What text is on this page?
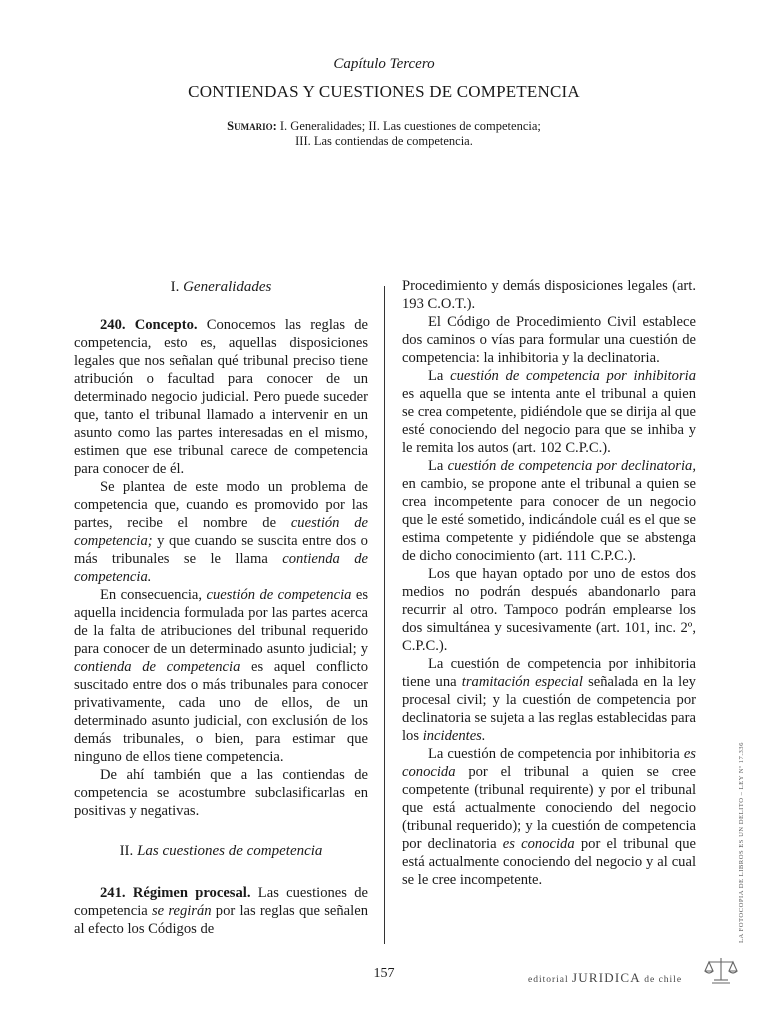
Capítulo Tercero
CONTIENDAS Y CUESTIONES DE COMPETENCIA
Sumario: I. Generalidades; II. Las cuestiones de competencia;
III. Las contiendas de competencia.
I. Generalidades

240. Concepto. Conocemos las reglas de competencia, esto es, aquellas disposiciones legales que nos señalan qué tribunal preciso tiene atribución o facultad para conocer de un determinado negocio judicial. Pero puede suceder que, tanto el tribunal llamado a intervenir en un asunto como las partes interesadas en el mismo, estimen que ese tribunal carece de competencia para conocer de él.

Se plantea de este modo un problema de competencia que, cuando es promovido por las partes, recibe el nombre de cuestión de competencia; y que cuando se suscita entre dos o más tribunales se le llama contienda de competencia.

En consecuencia, cuestión de competencia es aquella incidencia formulada por las partes acerca de la falta de atribuciones del tribunal requerido para conocer de un determinado asunto judicial; y contienda de competencia es aquel conflicto suscitado entre dos o más tribunales para conocer privativamente, cada uno de ellos, de un determinado asunto judicial, con exclusión de los demás tribunales, o bien, para estimar que ninguno de ellos tiene competencia.

De ahí también que a las contiendas de competencia se acostumbre subclasificarlas en positivas y negativas.

II. Las cuestiones de competencia

241. Régimen procesal. Las cuestiones de competencia se regirán por las reglas que señalen al efecto los Códigos de

Procedimiento y demás disposiciones legales (art. 193 C.O.T.).

El Código de Procedimiento Civil establece dos caminos o vías para formular una cuestión de competencia: la inhibitoria y la declinatoria.

La cuestión de competencia por inhibitoria es aquella que se intenta ante el tribunal a quien se crea competente, pidiéndole que se dirija al que esté conociendo del negocio para que se inhiba y le remita los autos (art. 102 C.P.C.).

La cuestión de competencia por declinatoria, en cambio, se propone ante el tribunal a quien se crea incompetente para conocer de un negocio que le esté sometido, indicándole cuál es el que se estima competente y pidiéndole que se abstenga de dicho conocimiento (art. 111 C.P.C.).

Los que hayan optado por uno de estos dos medios no podrán después abandonarlo para recurrir al otro. Tampoco podrán emplearse los dos simultánea y sucesivamente (art. 101, inc. 2º, C.P.C.).

La cuestión de competencia por inhibitoria tiene una tramitación especial señalada en la ley procesal civil; y la cuestión de competencia por declinatoria se sujeta a las reglas establecidas para los incidentes.

La cuestión de competencia por inhibitoria es conocida por el tribunal a quien se cree competente (tribunal requirente) y por el tribunal que está actualmente conociendo del negocio (tribunal requerido); y la cuestión de competencia por declinatoria es conocida por el tribunal que está actualmente conociendo del negocio y al cual se le cree incompetente.

157	editorial JURIDICA de chile
LA FOTOCOPIA DE LIBROS ES UN DELITO – LEY Nº 17.336
